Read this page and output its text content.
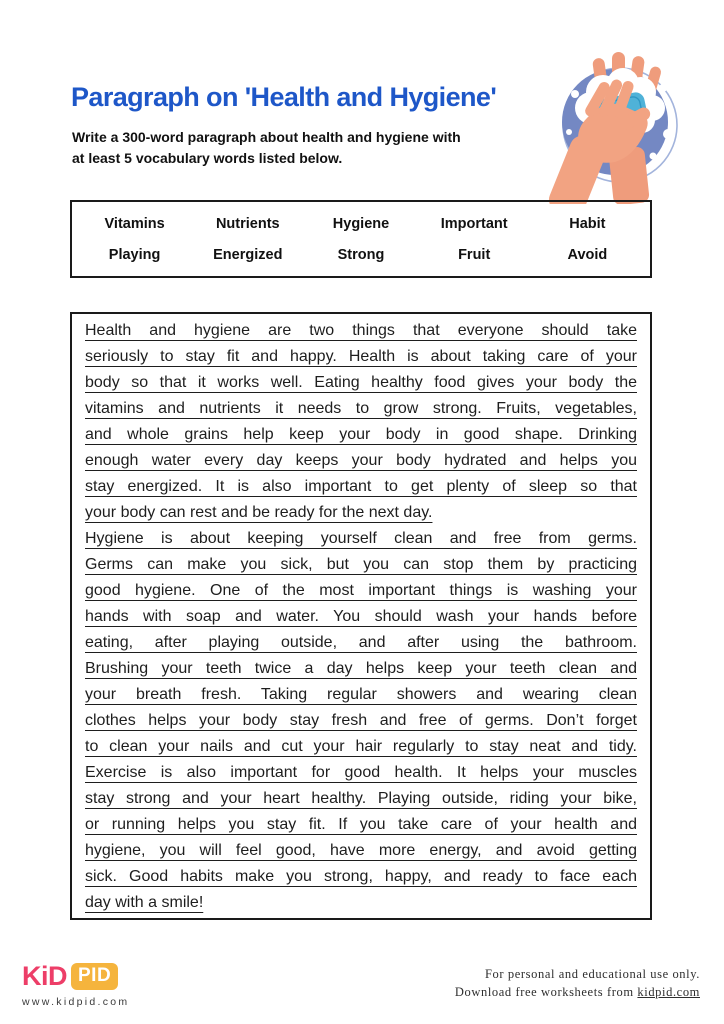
Paragraph on 'Health and Hygiene'
Write a 300-word paragraph about health and hygiene with
at least 5 vocabulary words listed below.
Vitamins	Nutrients	Hygiene	Important	Habit
Playing	Energized	Strong	Fruit	Avoid
Health and hygiene are two things that everyone should take
seriously to stay fit and happy. Health is about taking care of your
body so that it works well. Eating healthy food gives your body the
vitamins and nutrients it needs to grow strong. Fruits, vegetables,
and whole grains help keep your body in good shape. Drinking
enough water every day keeps your body hydrated and helps you
stay energized. It is also important to get plenty of sleep so that
your body can rest and be ready for the next day.
Hygiene is about keeping yourself clean and free from germs.
Germs can make you sick, but you can stop them by practicing
good hygiene. One of the most important things is washing your
hands with soap and water. You should wash your hands before
eating, after playing outside, and after using the bathroom.
Brushing your teeth twice a day helps keep your teeth clean and
your breath fresh. Taking regular showers and wearing clean
clothes helps your body stay fresh and free of germs. Don’t forget
to clean your nails and cut your hair regularly to stay neat and tidy.
Exercise is also important for good health. It helps your muscles
stay strong and your heart healthy. Playing outside, riding your bike,
or running helps you stay fit. If you take care of your health and
hygiene, you will feel good, have more energy, and avoid getting
sick. Good habits make you strong, happy, and ready to face each
day with a smile!
KiD PID
www.kidpid.com
For personal and educational use only.
Download free worksheets from kidpid.com
